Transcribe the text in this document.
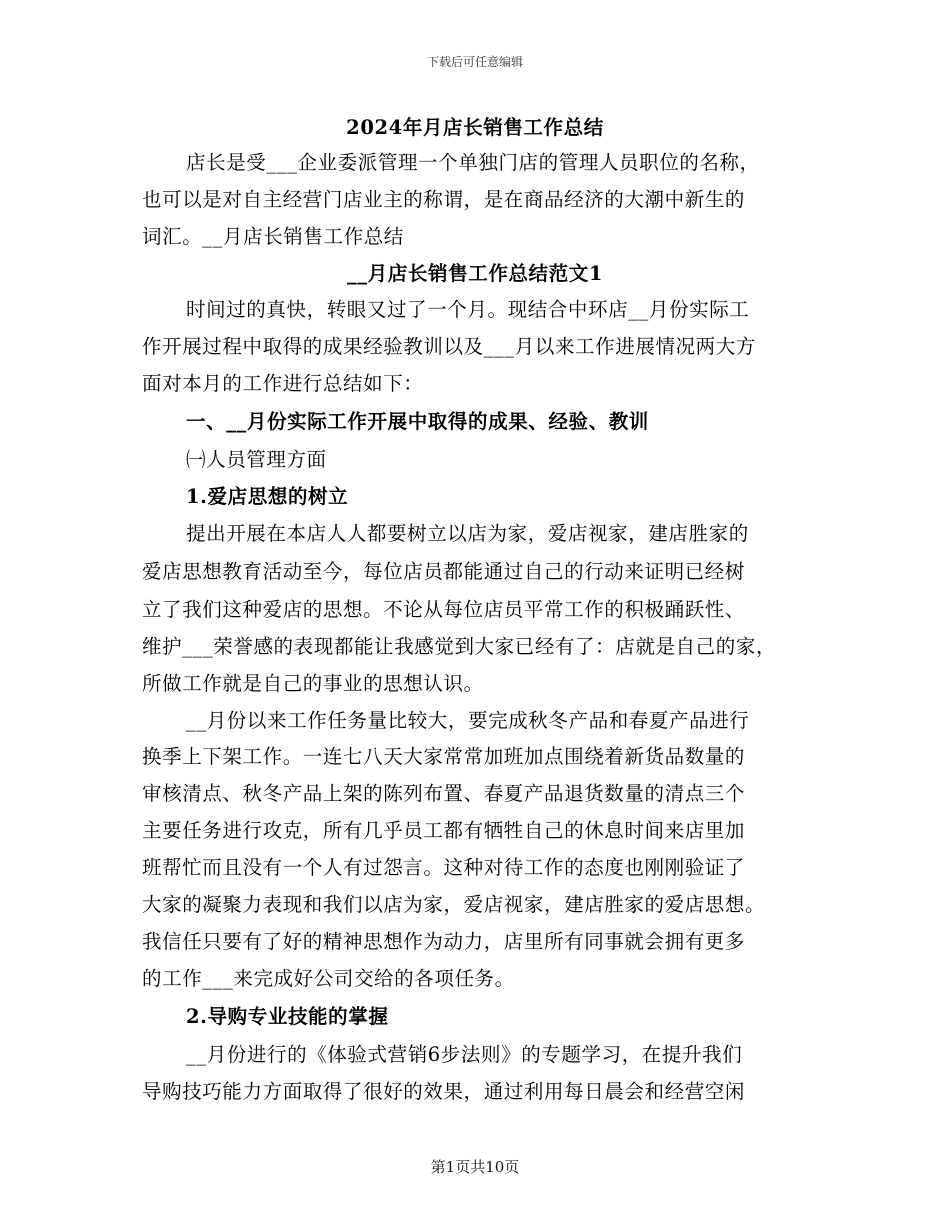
下载后可任意编辑
2024年月店长销售工作总结
店长是受___企业委派管理一个单独门店的管理人员职位的名称，
也可以是对自主经营门店业主的称谓，是在商品经济的大潮中新生的
词汇。__月店长销售工作总结
__月店长销售工作总结范文1
时间过的真快，转眼又过了一个月。现结合中环店__月份实际工
作开展过程中取得的成果经验教训以及___月以来工作进展情况两大方
面对本月的工作进行总结如下：
一、__月份实际工作开展中取得的成果、经验、教训
㈠人员管理方面
1.爱店思想的树立
提出开展在本店人人都要树立以店为家，爱店视家，建店胜家的
爱店思想教育活动至今，每位店员都能通过自己的行动来证明已经树
立了我们这种爱店的思想。不论从每位店员平常工作的积极踊跃性、
维护___荣誉感的表现都能让我感觉到大家已经有了：店就是自己的家，
所做工作就是自己的事业的思想认识。
__月份以来工作任务量比较大，要完成秋冬产品和春夏产品进行
换季上下架工作。一连七八天大家常常加班加点围绕着新货品数量的
审核清点、秋冬产品上架的陈列布置、春夏产品退货数量的清点三个
主要任务进行攻克，所有几乎员工都有牺牲自己的休息时间来店里加
班帮忙而且没有一个人有过怨言。这种对待工作的态度也刚刚验证了
大家的凝聚力表现和我们以店为家，爱店视家，建店胜家的爱店思想。
我信任只要有了好的精神思想作为动力，店里所有同事就会拥有更多
的工作___来完成好公司交给的各项任务。
2.导购专业技能的掌握
__月份进行的《体验式营销6步法则》的专题学习，在提升我们
导购技巧能力方面取得了很好的效果，通过利用每日晨会和经营空闲
第1页共10页
